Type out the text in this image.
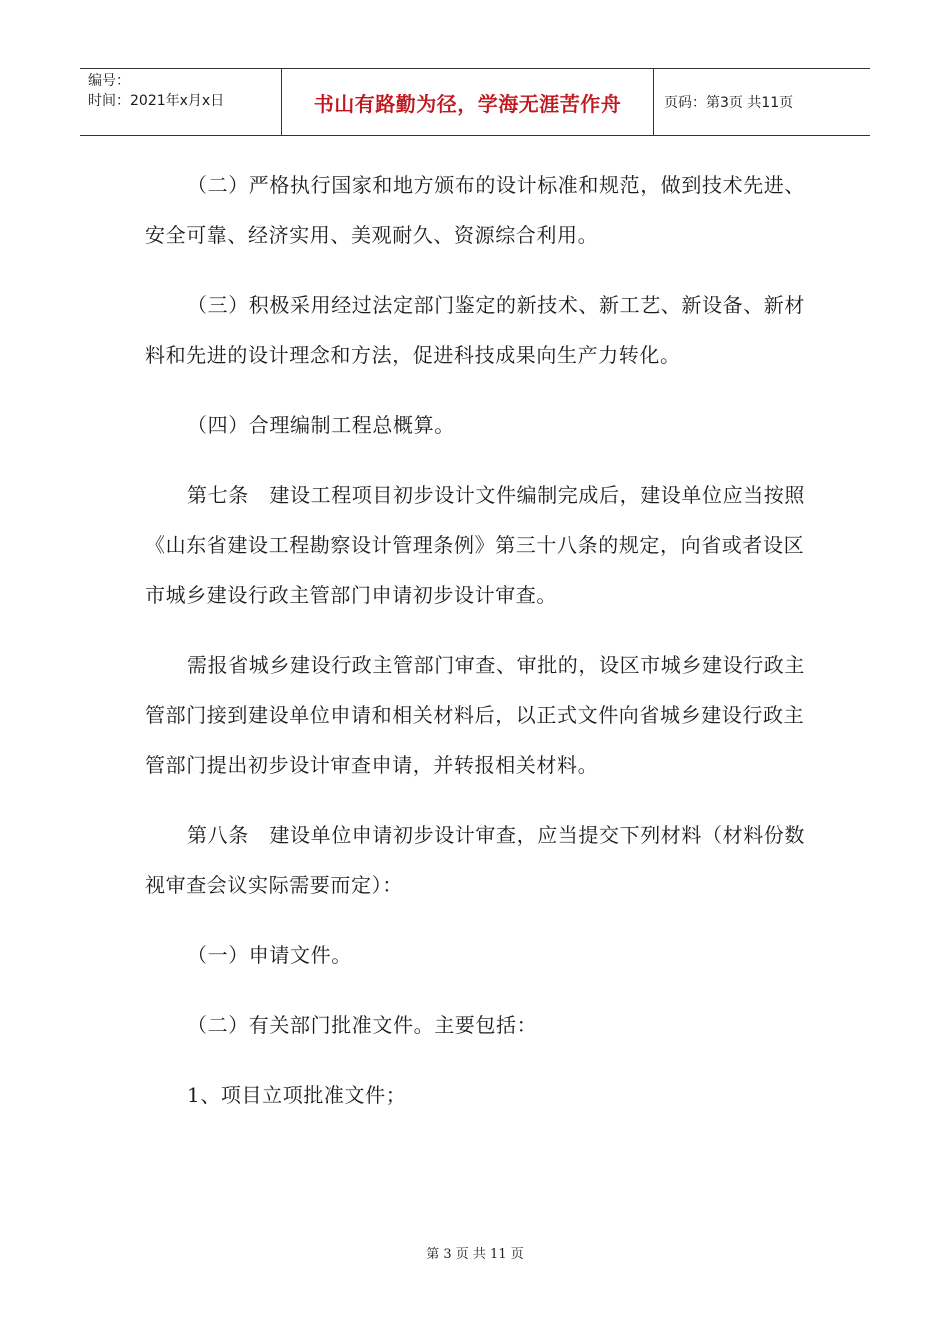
编号：
时间：2021年x月x日	书山有路勤为径，学海无涯苦作舟	页码：第3页 共11页

（二）严格执行国家和地方颁布的设计标准和规范，做到技术先进、安全可靠、经济实用、美观耐久、资源综合利用。

（三）积极采用经过法定部门鉴定的新技术、新工艺、新设备、新材料和先进的设计理念和方法，促进科技成果向生产力转化。

（四）合理编制工程总概算。

第七条　建设工程项目初步设计文件编制完成后，建设单位应当按照《山东省建设工程勘察设计管理条例》第三十八条的规定，向省或者设区市城乡建设行政主管部门申请初步设计审查。

需报省城乡建设行政主管部门审查、审批的，设区市城乡建设行政主管部门接到建设单位申请和相关材料后，以正式文件向省城乡建设行政主管部门提出初步设计审查申请，并转报相关材料。

第八条　建设单位申请初步设计审查，应当提交下列材料（材料份数视审查会议实际需要而定）：

（一）申请文件。

（二）有关部门批准文件。主要包括：

1、项目立项批准文件；

第 3 页 共 11 页
